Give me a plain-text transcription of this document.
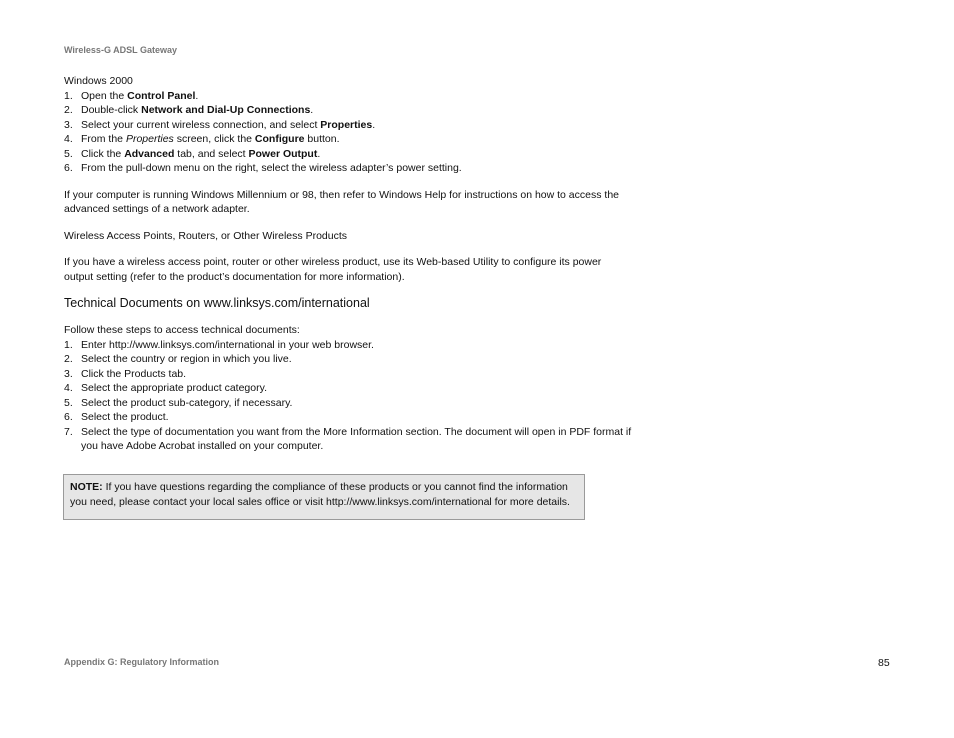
Wireless-G ADSL Gateway

Windows 2000

1. Open the Control Panel.
2. Double-click Network and Dial-Up Connections.
3. Select your current wireless connection, and select Properties.
4. From the Properties screen, click the Configure button.
5. Click the Advanced tab, and select Power Output.
6. From the pull-down menu on the right, select the wireless adapter’s power setting.

If your computer is running Windows Millennium or 98, then refer to Windows Help for instructions on how to access the
advanced settings of a network adapter.

Wireless Access Points, Routers, or Other Wireless Products

If you have a wireless access point, router or other wireless product, use its Web-based Utility to configure its power
output setting (refer to the product’s documentation for more information).

Technical Documents on www.linksys.com/international

Follow these steps to access technical documents:

1. Enter http://www.linksys.com/international in your web browser.
2. Select the country or region in which you live.
3. Click the Products tab.
4. Select the appropriate product category.
5. Select the product sub-category, if necessary.
6. Select the product.
7. Select the type of documentation you want from the More Information section. The document will open in PDF format if
you have Adobe Acrobat installed on your computer.
NOTE: If you have questions regarding the compliance of these products or you cannot find the information
you need, please contact your local sales office or visit http://www.linksys.com/international for more details.
Appendix G: Regulatory Information	85
